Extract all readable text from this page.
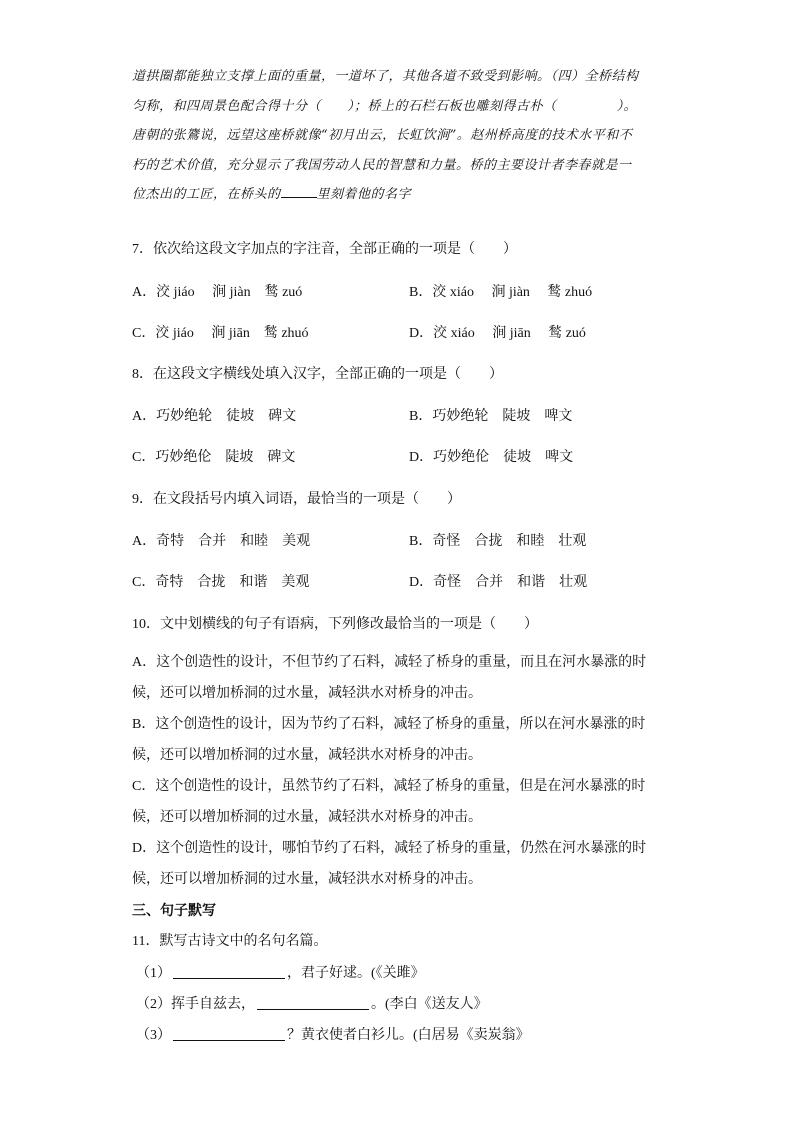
道拱圈都能独立支撑上面的重量，一道坏了，其他各道不致受到影响。（四）全桥结构
匀称，和四周景色配合得十分（ ）；桥上的石栏石板也雕刻得古朴（	）。
唐朝的张鷟说，远望这座桥就像“初月出云，长虹饮涧”。赵州桥高度的技术水平和不
朽的艺术价值，充分显示了我国劳动人民的智慧和力量。桥的主要设计者李春就是一
位杰出的工匠，在桥头的	里刻着他的名字
7．依次给这段文字加点的字注音，全部正确的一项是（　　）
A．洨 jiáo　 涧 jiàn　鹙 zuó	B．洨 xiáo　 涧 jiàn　 鹙 zhuó
C．洨 jiáo　 涧 jiān　鹙 zhuó	D．洨 xiáo　 涧 jiān　 鹙 zuó
8．在这段文字横线处填入汉字，全部正确的一项是（　　）
A．巧妙绝轮　徒坡　碑文	B．巧妙绝轮　陡坡　啤文
C．巧妙绝伦　陡坡　碑文	D．巧妙绝伦　徒坡　啤文
9．在文段括号内填入词语，最恰当的一项是（　　）
A．奇特　合并　和睦　美观	B．奇怪　合拢　和睦　壮观
C．奇特　合拢　和谐　美观	D．奇怪　合并　和谐　壮观
10．文中划横线的句子有语病，下列修改最恰当的一项是（　　）
A．这个创造性的设计，不但节约了石料，减轻了桥身的重量，而且在河水暴涨的时
候，还可以增加桥洞的过水量，减轻洪水对桥身的冲击。
B．这个创造性的设计，因为节约了石料，减轻了桥身的重量，所以在河水暴涨的时
候，还可以增加桥洞的过水量，减轻洪水对桥身的冲击。
C．这个创造性的设计，虽然节约了石料，减轻了桥身的重量，但是在河水暴涨的时
候，还可以增加桥洞的过水量，减轻洪水对桥身的冲击。
D．这个创造性的设计，哪怕节约了石料，减轻了桥身的重量，仍然在河水暴涨的时
候，还可以增加桥洞的过水量，减轻洪水对桥身的冲击。
三、句子默写
11．默写古诗文中的名句名篇。
（1）	，君子好逑。(《关雎》
（2）挥手自兹去，	。(李白《送友人》
（3）	？黄衣使者白衫儿。(白居易《卖炭翁》
